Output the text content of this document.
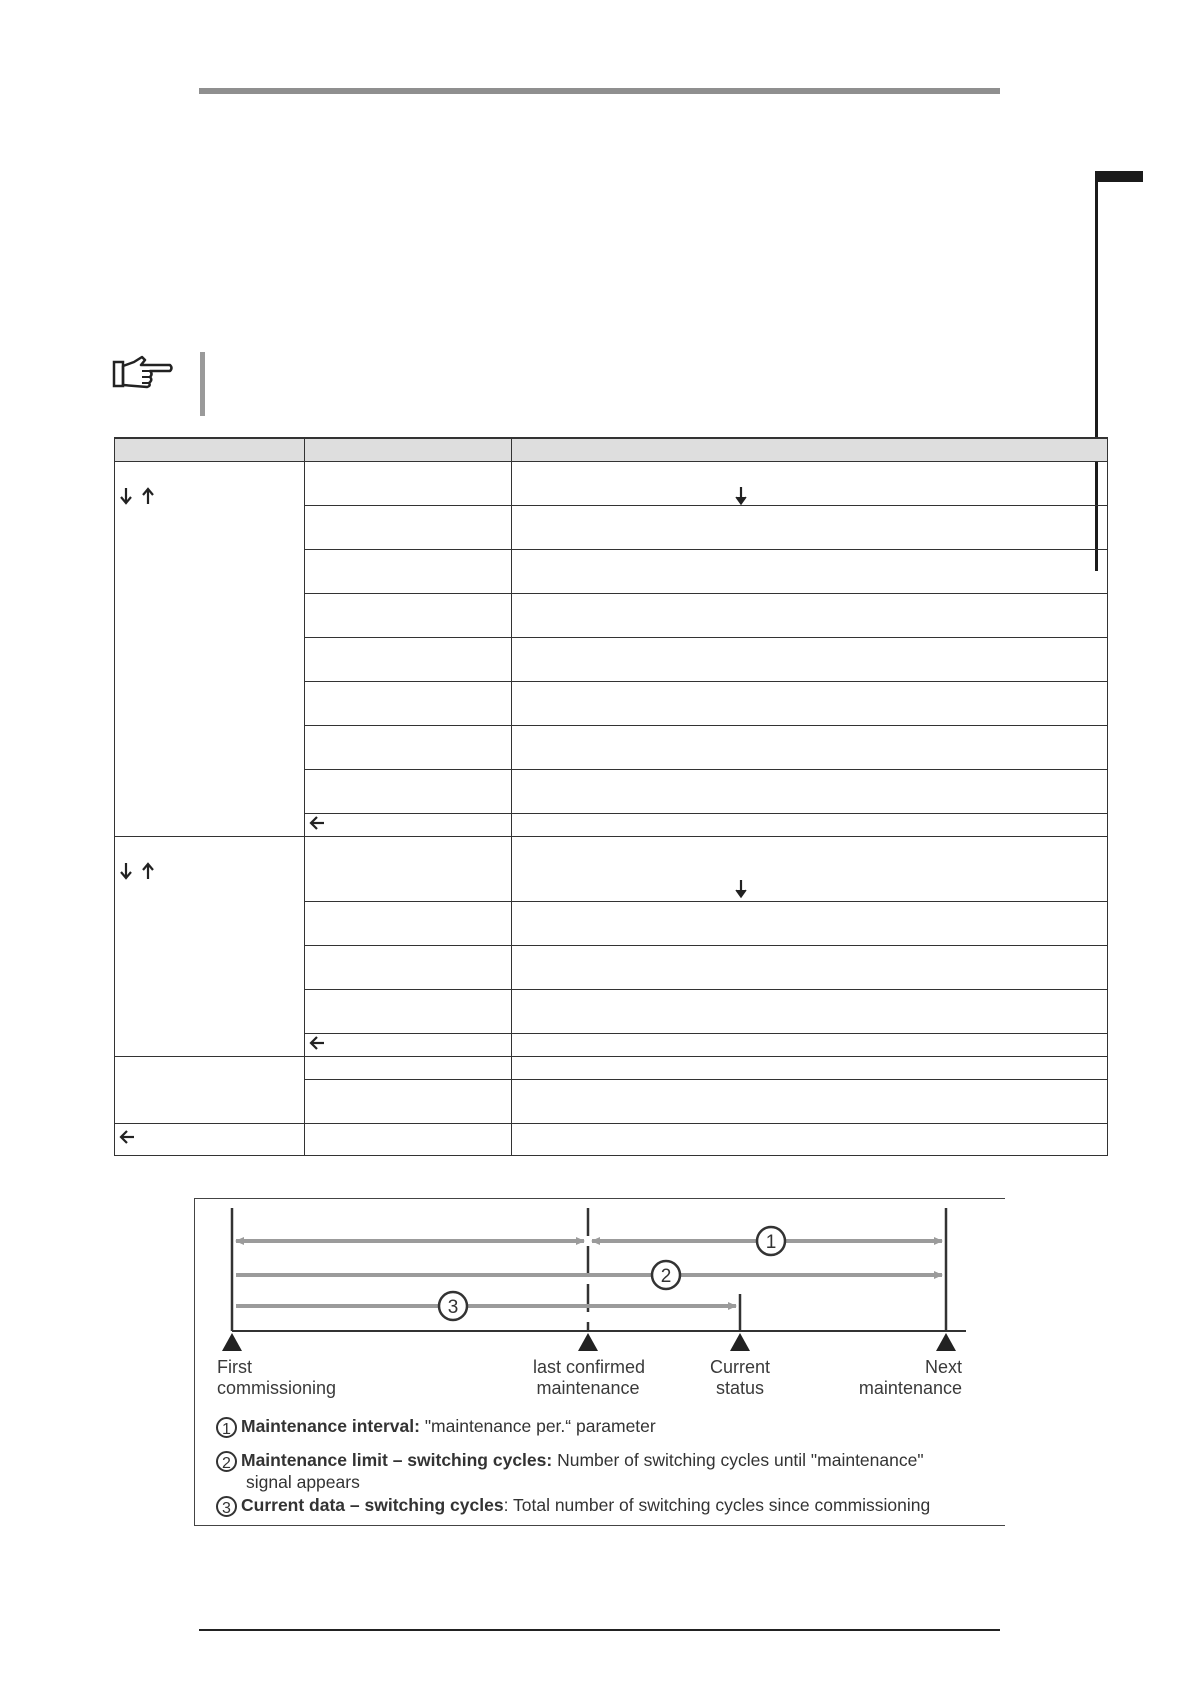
1
2
3
First
commissioning
last confirmed
maintenance
Current
status
Next
maintenance
1 Maintenance interval: "maintenance per.“ parameter
2 Maintenance limit – switching cycles: Number of switching cycles until "maintenance"
signal appears
3 Current data – switching cycles: Total number of switching cycles since commissioning
